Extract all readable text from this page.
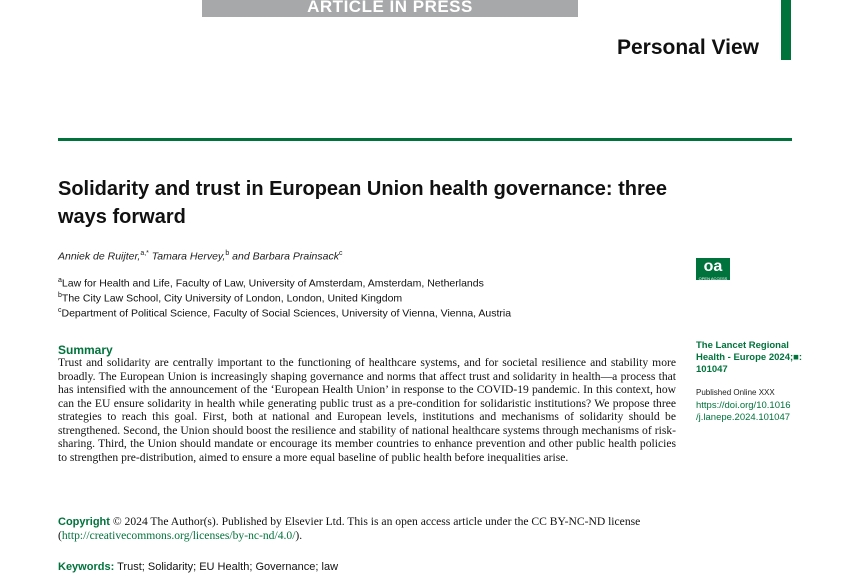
ARTICLE IN PRESS
Personal View
Solidarity and trust in European Union health governance: three ways forward
Anniek de Ruijter,$^{a,*}$ Tamara Hervey,$^b$ and Barbara Prainsack$^c$
$^a$Law for Health and Life, Faculty of Law, University of Amsterdam, Amsterdam, Netherlands
$^b$The City Law School, City University of London, London, United Kingdom
$^c$Department of Political Science, Faculty of Social Sciences, University of Vienna, Vienna, Austria
oa
OPEN ACCESS
The Lancet Regional Health - Europe 2024;■: 101047
Published Online XXX
https://doi.org/10.1016/j.lanepe.2024.101047
Summary

Trust and solidarity are centrally important to the functioning of healthcare systems, and for societal resilience and stability more broadly. The European Union is increasingly shaping governance and norms that affect trust and solidarity in health—a process that has intensified with the announcement of the ‘European Health Union’ in response to the COVID-19 pandemic. In this context, how can the EU ensure solidarity in health while generating public trust as a pre-condition for solidaristic institutions? We propose three strategies to reach this goal. First, both at national and European levels, institutions and mechanisms of solidarity should be strengthened. Second, the Union should boost the resilience and stability of national healthcare systems through mechanisms of risk-sharing. Third, the Union should mandate or encourage its member countries to enhance prevention and other public health policies to strengthen pre-distribution, aimed to ensure a more equal baseline of public health before inequalities arise.

Copyright © 2024 The Author(s). Published by Elsevier Ltd. This is an open access article under the CC BY-NC-ND license (http://creativecommons.org/licenses/by-nc-nd/4.0/).

Keywords: Trust; Solidarity; EU Health; Governance; law
